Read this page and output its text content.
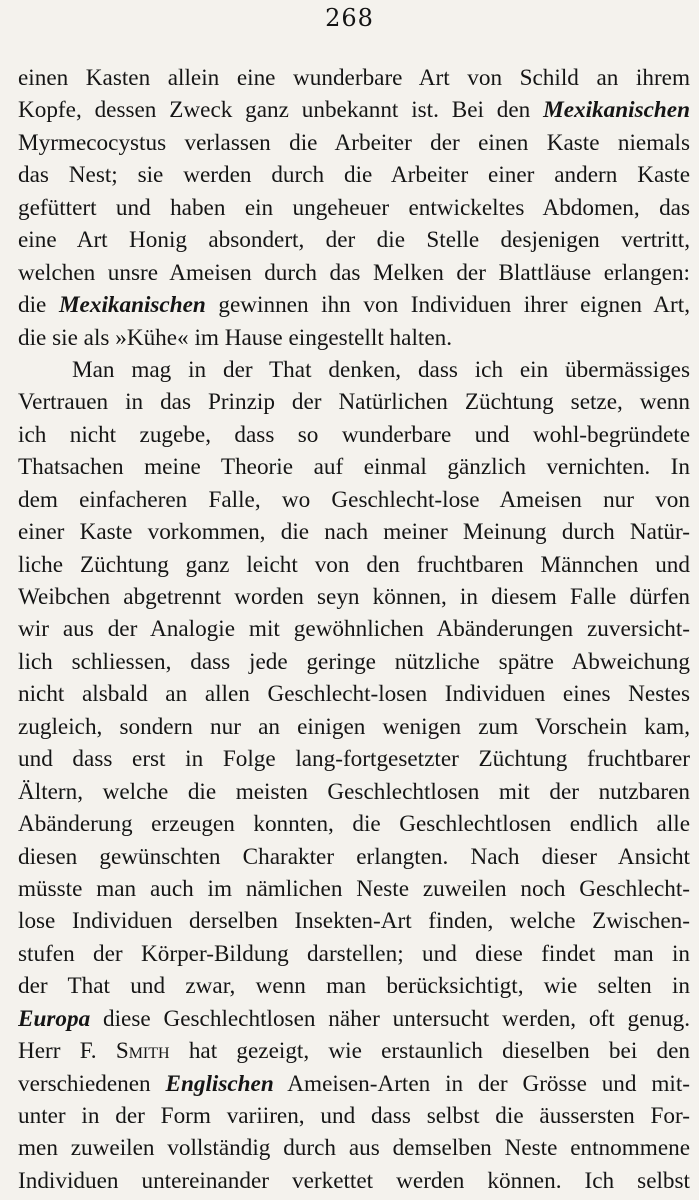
268
einen Kasten allein eine wunderbare Art von Schild an ihrem
Kopfe, dessen Zweck ganz unbekannt ist. Bei den Mexikanischen
Myrmecocystus verlassen die Arbeiter der einen Kaste niemals
das Nest; sie werden durch die Arbeiter einer andern Kaste
gefüttert und haben ein ungeheuer entwickeltes Abdomen, das
eine Art Honig absondert, der die Stelle desjenigen vertritt,
welchen unsre Ameisen durch das Melken der Blattläuse erlangen:
die Mexikanischen gewinnen ihn von Individuen ihrer eignen Art,
die sie als »Kühe« im Hause eingestellt halten.
Man mag in der That denken, dass ich ein übermässiges
Vertrauen in das Prinzip der Natürlichen Züchtung setze, wenn
ich nicht zugebe, dass so wunderbare und wohl-begründete
Thatsachen meine Theorie auf einmal gänzlich vernichten. In
dem einfacheren Falle, wo Geschlecht-lose Ameisen nur von
einer Kaste vorkommen, die nach meiner Meinung durch Natür-
liche Züchtung ganz leicht von den fruchtbaren Männchen und
Weibchen abgetrennt worden seyn können, in diesem Falle dürfen
wir aus der Analogie mit gewöhnlichen Abänderungen zuversicht-
lich schliessen, dass jede geringe nützliche spätre Abweichung
nicht alsbald an allen Geschlecht-losen Individuen eines Nestes
zugleich, sondern nur an einigen wenigen zum Vorschein kam,
und dass erst in Folge lang-fortgesetzter Züchtung fruchtbarer
Ältern, welche die meisten Geschlechtlosen mit der nutzbaren
Abänderung erzeugen konnten, die Geschlechtlosen endlich alle
diesen gewünschten Charakter erlangten. Nach dieser Ansicht
müsste man auch im nämlichen Neste zuweilen noch Geschlecht-
lose Individuen derselben Insekten-Art finden, welche Zwischen-
stufen der Körper-Bildung darstellen; und diese findet man in
der That und zwar, wenn man berücksichtigt, wie selten in
Europa diese Geschlechtlosen näher untersucht werden, oft genug.
Herr F. Smith hat gezeigt, wie erstaunlich dieselben bei den
verschiedenen Englischen Ameisen-Arten in der Grösse und mit-
unter in der Form variiren, und dass selbst die äussersten For-
men zuweilen vollständig durch aus demselben Neste entnommene
Individuen untereinander verkettet werden können. Ich selbst
